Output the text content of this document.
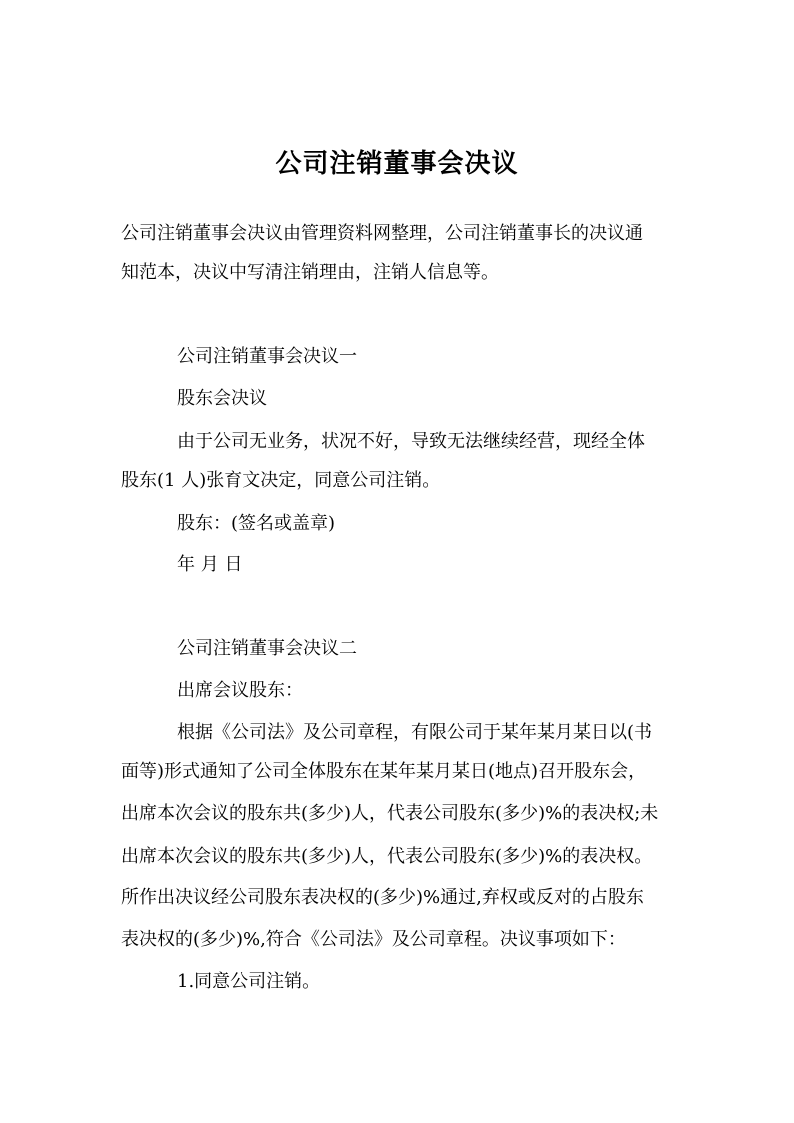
公司注销董事会决议
公司注销董事会决议由管理资料网整理，公司注销董事长的决议通
知范本，决议中写清注销理由，注销人信息等。
公司注销董事会决议一
股东会决议
由于公司无业务，状况不好，导致无法继续经营，现经全体
股东(1 人)张育文决定，同意公司注销。
股东：(签名或盖章)
年 月 日
公司注销董事会决议二
出席会议股东：
根据《公司法》及公司章程，有限公司于某年某月某日以(书
面等)形式通知了公司全体股东在某年某月某日(地点)召开股东会，
出席本次会议的股东共(多少)人，代表公司股东(多少)%的表决权;未
出席本次会议的股东共(多少)人，代表公司股东(多少)%的表决权。
所作出决议经公司股东表决权的(多少)%通过,弃权或反对的占股东
表决权的(多少)%,符合《公司法》及公司章程。决议事项如下：
1.同意公司注销。
